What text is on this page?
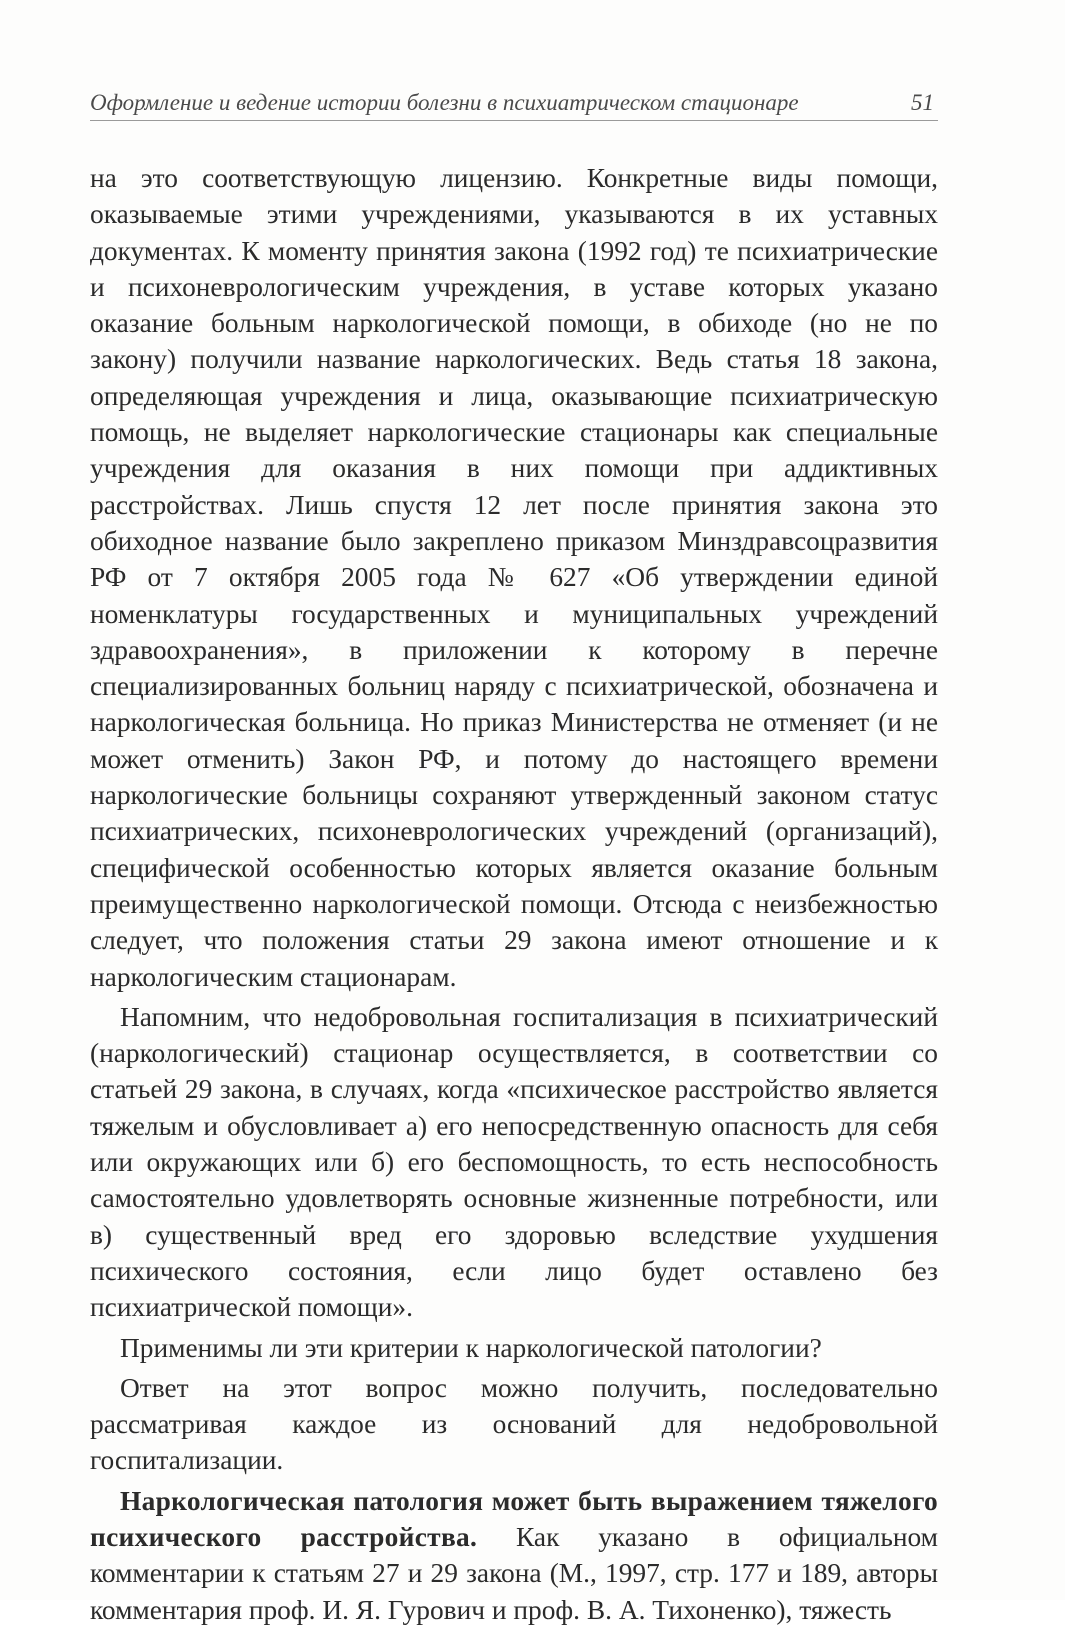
Оформление и ведение истории болезни в психиатрическом стационаре	51

на это соответствующую лицензию. Конкретные виды помощи, оказываемые этими учреждениями, указываются в их уставных документах. К моменту принятия закона (1992 год) те психиатрические и психоневрологическим учреждения, в уставе которых указано оказание больным наркологической помощи, в обиходе (но не по закону) получили название наркологических. Ведь статья 18 закона, определяющая учреждения и лица, оказывающие психиатрическую помощь, не выделяет наркологические стационары как специальные учреждения для оказания в них помощи при аддиктивных расстройствах. Лишь спустя 12 лет после принятия закона это обиходное название было закреплено приказом Минздравсоцразвития РФ от 7 октября 2005 года № 627 «Об утверждении единой номенклатуры государственных и муниципальных учреждений здравоохранения», в приложении к которому в перечне специализированных больниц наряду с психиатрической, обозначена и наркологическая больница. Но приказ Министерства не отменяет (и не может отменить) Закон РФ, и потому до настоящего времени наркологические больницы сохраняют утвержденный законом статус психиатрических, психоневрологических учреждений (организаций), специфической особенностью которых является оказание больным преимущественно наркологической помощи. Отсюда с неизбежностью следует, что положения статьи 29 закона имеют отношение и к наркологическим стационарам.

Напомним, что недобровольная госпитализация в психиатрический (наркологический) стационар осуществляется, в соответствии со статьей 29 закона, в случаях, когда «психическое расстройство является тяжелым и обусловливает а) его непосредственную опасность для себя или окружающих или б) его беспомощность, то есть неспособность самостоятельно удовлетворять основные жизненные потребности, или в) существенный вред его здоровью вследствие ухудшения психического состояния, если лицо будет оставлено без психиатрической помощи».

Применимы ли эти критерии к наркологической патологии?

Ответ на этот вопрос можно получить, последовательно рассматривая каждое из оснований для недобровольной госпитализации.

Наркологическая патология может быть выражением тяжелого психического расстройства. Как указано в официальном комментарии к статьям 27 и 29 закона (М., 1997, стр. 177 и 189, авторы комментария проф. И. Я. Гурович и проф. В. А. Тихоненко), тяжесть
